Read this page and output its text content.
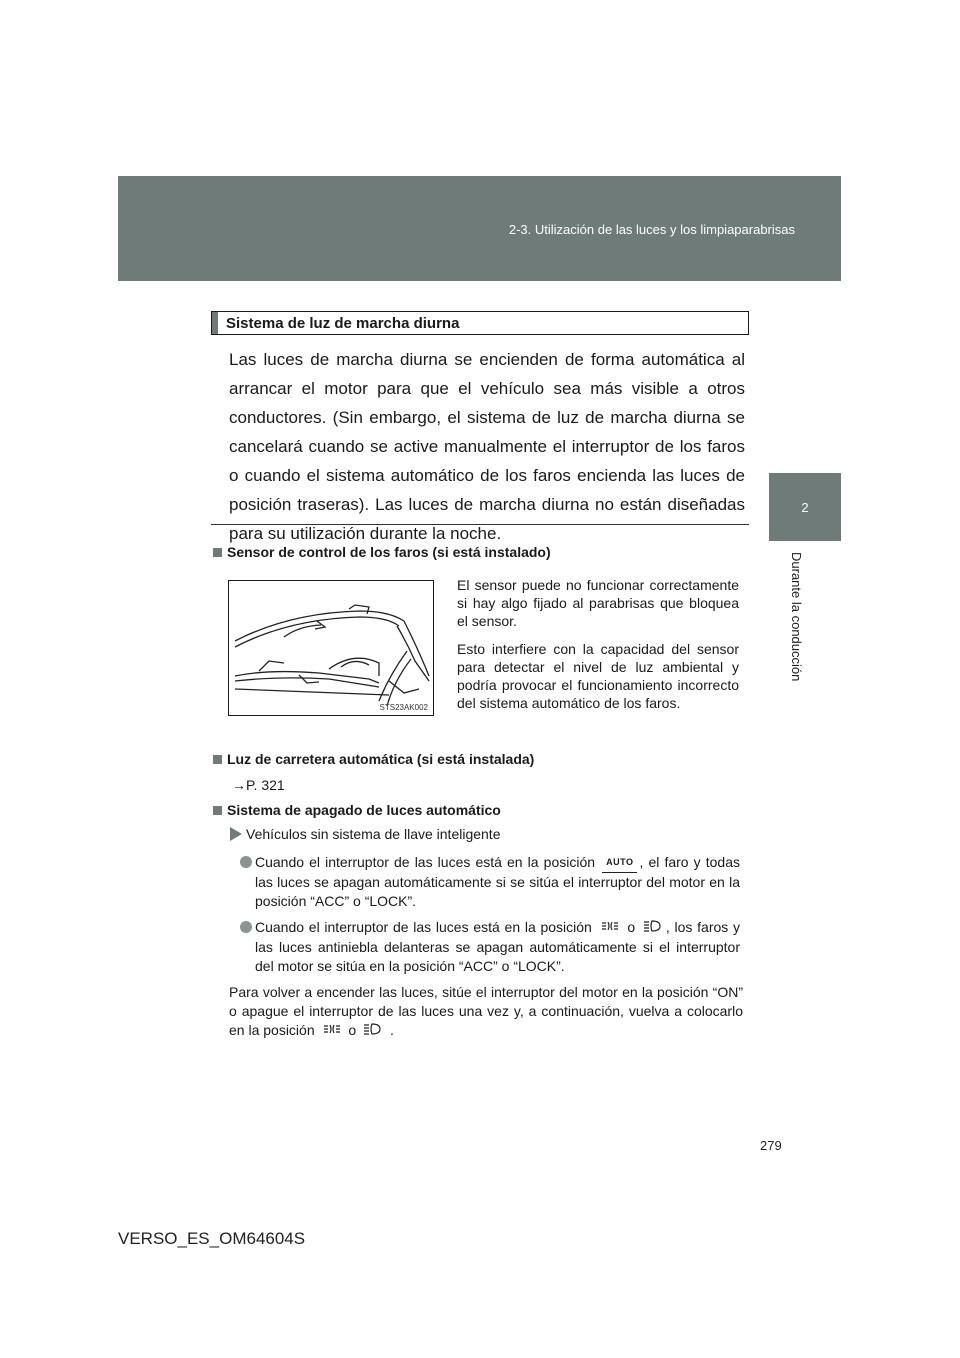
2-3. Utilización de las luces y los limpiaparabrisas
2
Durante la conducción
Sistema de luz de marcha diurna
Las luces de marcha diurna se encienden de forma automática al arrancar el motor para que el vehículo sea más visible a otros conductores. (Sin embargo, el sistema de luz de marcha diurna se cancelará cuando se active manualmente el interruptor de los faros o cuando el sistema automático de los faros encienda las luces de posición traseras). Las luces de marcha diurna no están diseñadas para su utilización durante la noche.
Sensor de control de los faros (si está instalado)
STS23AK002
El sensor puede no funcionar correctamente si hay algo fijado al parabrisas que bloquea el sensor.
Esto interfiere con la capacidad del sensor para detectar el nivel de luz ambiental y podría provocar el funcionamiento incorrecto del sistema automático de los faros.
Luz de carretera automática (si está instalada)
→P. 321
Sistema de apagado de luces automático
Vehículos sin sistema de llave inteligente
Cuando el interruptor de las luces está en la posición AUTO , el faro y todas las luces se apagan automáticamente si se sitúa el interruptor del motor en la posición “ACC” o “LOCK”.
Cuando el interruptor de las luces está en la posición	o , los faros y las luces antiniebla delanteras se apagan automáticamente si el interruptor del motor se sitúa en la posición “ACC” o “LOCK”.
Para volver a encender las luces, sitúe el interruptor del motor en la posición “ON” o apague el interruptor de las luces una vez y, a continuación, vuelva a colocarlo en la posición o .
279
VERSO_ES_OM64604S
